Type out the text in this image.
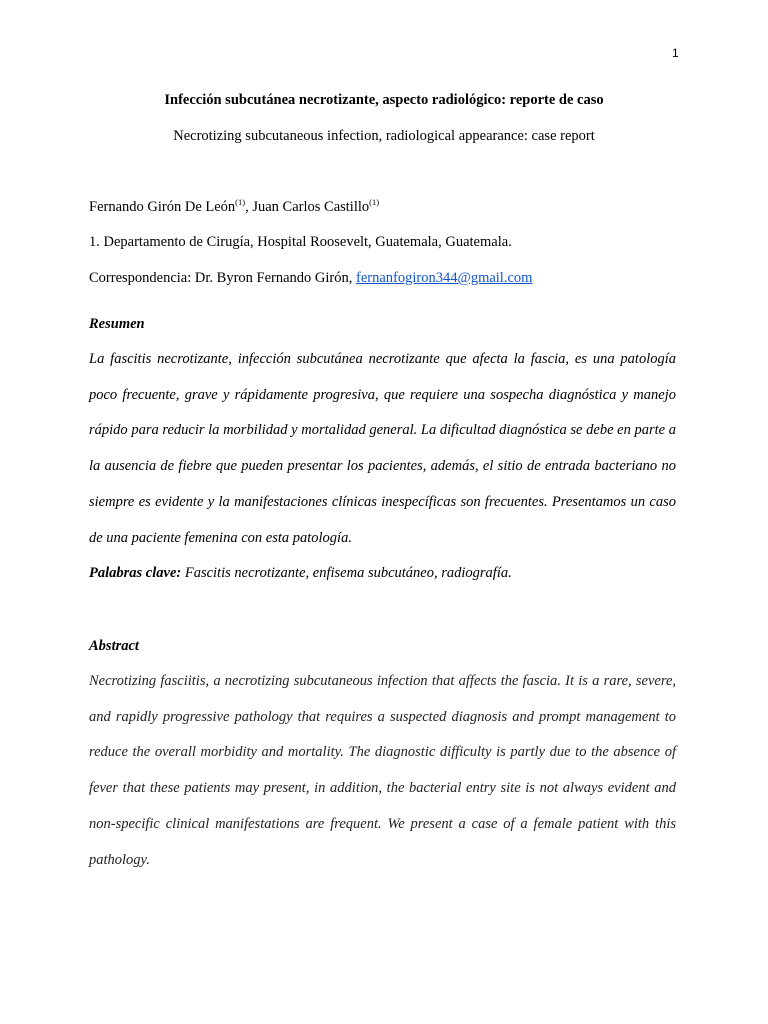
1
Infección subcutánea necrotizante, aspecto radiológico: reporte de caso
Necrotizing subcutaneous infection, radiological appearance: case report
Fernando Girón De León$^{(1)}$, Juan Carlos Castillo$^{(1)}$
1. Departamento de Cirugía, Hospital Roosevelt, Guatemala, Guatemala.
Correspondencia: Dr. Byron Fernando Girón, fernanfogiron344@gmail.com
Resumen

La fascitis necrotizante, infección subcutánea necrotizante que afecta la fascia, es una patología poco frecuente, grave y rápidamente progresiva, que requiere una sospecha diagnóstica y manejo rápido para reducir la morbilidad y mortalidad general. La dificultad diagnóstica se debe en parte a la ausencia de fiebre que pueden presentar los pacientes, además, el sitio de entrada bacteriano no siempre es evidente y la manifestaciones clínicas inespecíficas son frecuentes. Presentamos un caso de una paciente femenina con esta patología.

Palabras clave: Fascitis necrotizante, enfisema subcutáneo, radiografía.

Abstract

Necrotizing fasciitis, a necrotizing subcutaneous infection that affects the fascia. It is a rare, severe, and rapidly progressive pathology that requires a suspected diagnosis and prompt management to reduce the overall morbidity and mortality. The diagnostic difficulty is partly due to the absence of fever that these patients may present, in addition, the bacterial entry site is not always evident and non-specific clinical manifestations are frequent. We present a case of a female patient with this pathology.
